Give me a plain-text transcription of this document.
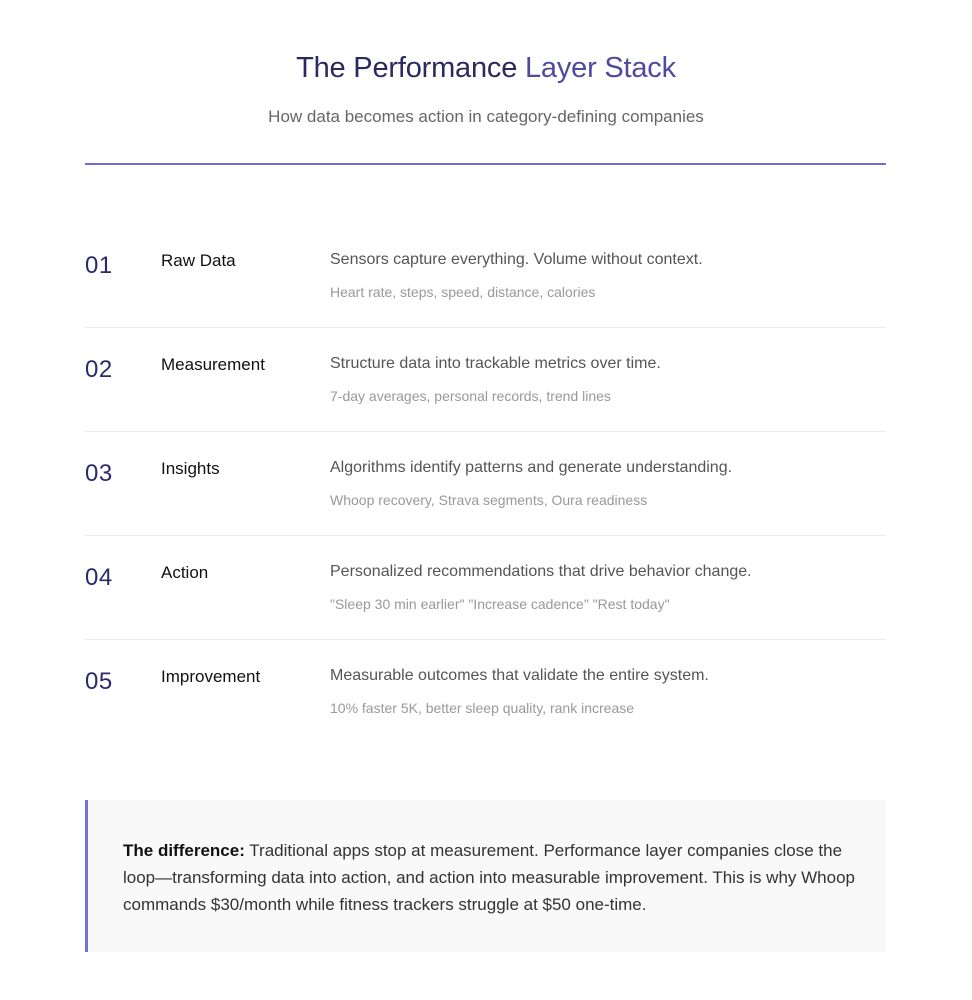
The Performance Layer Stack
How data becomes action in category-defining companies
01	Raw Data	Sensors capture everything. Volume without context.
Heart rate, steps, speed, distance, calories
02	Measurement	Structure data into trackable metrics over time.
7-day averages, personal records, trend lines
03	Insights	Algorithms identify patterns and generate understanding.
Whoop recovery, Strava segments, Oura readiness
04	Action	Personalized recommendations that drive behavior change.
"Sleep 30 min earlier" "Increase cadence" "Rest today"
05	Improvement	Measurable outcomes that validate the entire system.
10% faster 5K, better sleep quality, rank increase

The difference: Traditional apps stop at measurement. Performance layer companies close the loop—transforming data into action, and action into measurable improvement. This is why Whoop commands $30/month while fitness trackers struggle at $50 one-time.
